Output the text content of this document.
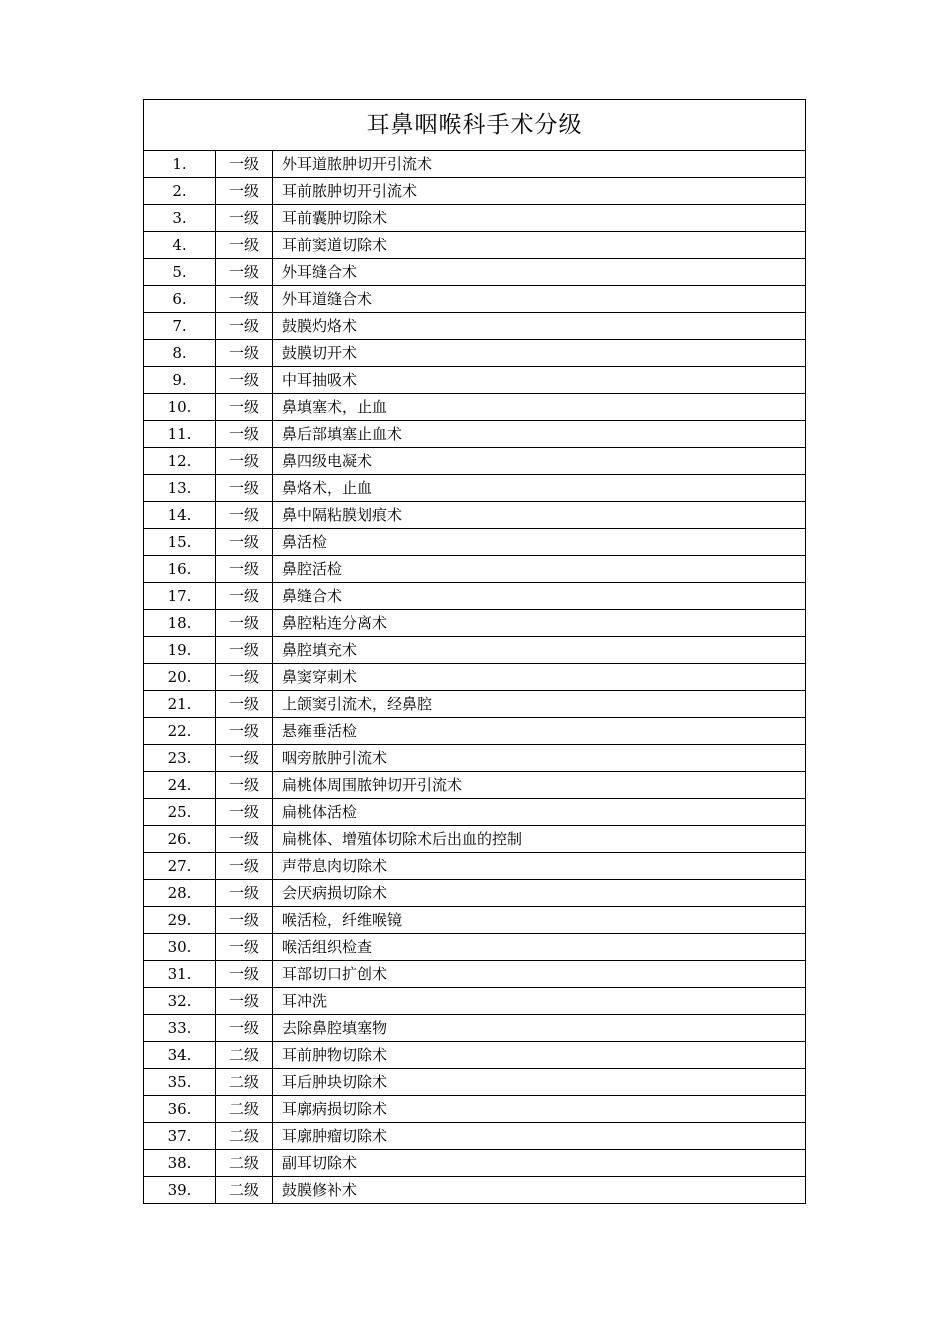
耳鼻咽喉科手术分级		
1.	一级	外耳道脓肿切开引流术
2.	一级	耳前脓肿切开引流术
3.	一级	耳前囊肿切除术
4.	一级	耳前窦道切除术
5.	一级	外耳缝合术
6.	一级	外耳道缝合术
7.	一级	鼓膜灼烙术
8.	一级	鼓膜切开术
9.	一级	中耳抽吸术
10.	一级	鼻填塞术，止血
11.	一级	鼻后部填塞止血术
12.	一级	鼻四级电凝术
13.	一级	鼻烙术，止血
14.	一级	鼻中隔粘膜划痕术
15.	一级	鼻活检
16.	一级	鼻腔活检
17.	一级	鼻缝合术
18.	一级	鼻腔粘连分离术
19.	一级	鼻腔填充术
20.	一级	鼻窦穿刺术
21.	一级	上颌窦引流术，经鼻腔
22.	一级	悬雍垂活检
23.	一级	咽旁脓肿引流术
24.	一级	扁桃体周围脓钟切开引流术
25.	一级	扁桃体活检
26.	一级	扁桃体、增殖体切除术后出血的控制
27.	一级	声带息肉切除术
28.	一级	会厌病损切除术
29.	一级	喉活检，纤维喉镜
30.	一级	喉活组织检查
31.	一级	耳部切口扩创术
32.	一级	耳冲洗
33.	一级	去除鼻腔填塞物
34.	二级	耳前肿物切除术
35.	二级	耳后肿块切除术
36.	二级	耳廓病损切除术
37.	二级	耳廓肿瘤切除术
38.	二级	副耳切除术
39.	二级	鼓膜修补术
